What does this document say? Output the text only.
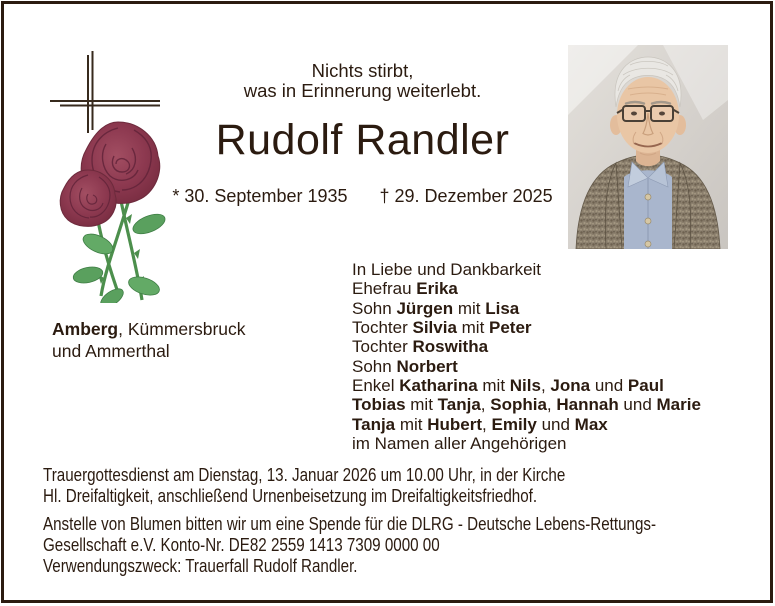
Nichts stirbt,
was in Erinnerung weiterlebt.
Rudolf Randler
* 30. September 1935 † 29. Dezember 2025
In Liebe und Dankbarkeit
Ehefrau Erika
Sohn Jürgen mit Lisa
Tochter Silvia mit Peter
Tochter Roswitha
Sohn Norbert
Enkel Katharina mit Nils, Jona und Paul
Tobias mit Tanja, Sophia, Hannah und Marie
Tanja mit Hubert, Emily und Max
im Namen aller Angehörigen
Amberg, Kümmersbruck
und Ammerthal
Trauergottesdienst am Dienstag, 13. Januar 2026 um 10.00 Uhr, in der Kirche
Hl. Dreifaltigkeit, anschließend Urnenbeisetzung im Dreifaltigkeitsfriedhof.
Anstelle von Blumen bitten wir um eine Spende für die DLRG - Deutsche Lebens-Rettungs-
Gesellschaft e.V. Konto-Nr. DE82 2559 1413 7309 0000 00
Verwendungszweck: Trauerfall Rudolf Randler.
